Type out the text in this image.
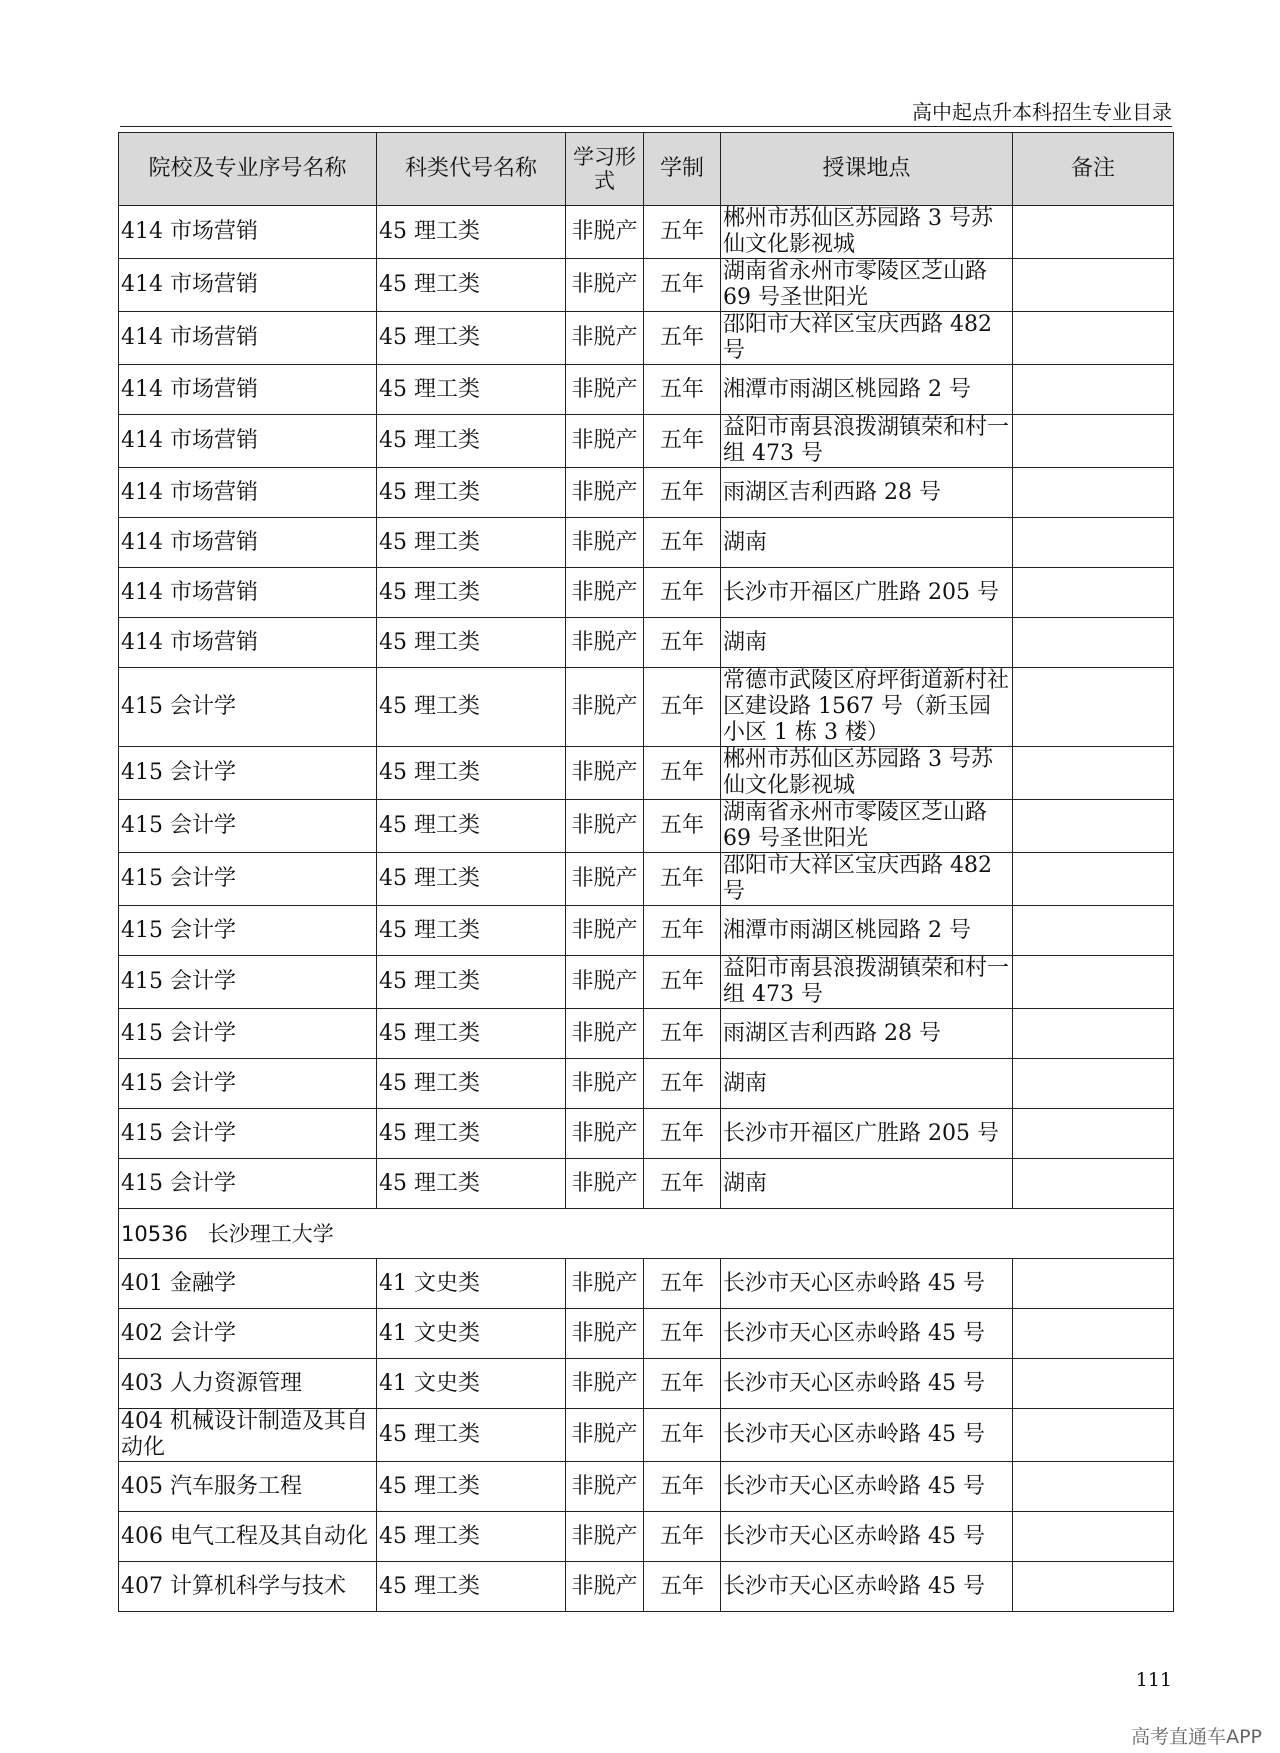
高中起点升本科招生专业目录
院校及专业序号名称	科类代号名称	学习形式	学制	授课地点	备注
414 市场营销	45 理工类	非脱产	五年	郴州市苏仙区苏园路 3 号苏仙文化影视城	
414 市场营销	45 理工类	非脱产	五年	湖南省永州市零陵区芝山路 69 号圣世阳光	
414 市场营销	45 理工类	非脱产	五年	邵阳市大祥区宝庆西路 482 号	
414 市场营销	45 理工类	非脱产	五年	湘潭市雨湖区桃园路 2 号	
414 市场营销	45 理工类	非脱产	五年	益阳市南县浪拨湖镇荣和村一组 473 号	
414 市场营销	45 理工类	非脱产	五年	雨湖区吉利西路 28 号	
414 市场营销	45 理工类	非脱产	五年	湖南	
414 市场营销	45 理工类	非脱产	五年	长沙市开福区广胜路 205 号	
414 市场营销	45 理工类	非脱产	五年	湖南	
415 会计学	45 理工类	非脱产	五年	常德市武陵区府坪街道新村社区建设路 1567 号（新玉园小区 1 栋 3 楼）	
415 会计学	45 理工类	非脱产	五年	郴州市苏仙区苏园路 3 号苏仙文化影视城	
415 会计学	45 理工类	非脱产	五年	湖南省永州市零陵区芝山路 69 号圣世阳光	
415 会计学	45 理工类	非脱产	五年	邵阳市大祥区宝庆西路 482 号	
415 会计学	45 理工类	非脱产	五年	湘潭市雨湖区桃园路 2 号	
415 会计学	45 理工类	非脱产	五年	益阳市南县浪拨湖镇荣和村一组 473 号	
415 会计学	45 理工类	非脱产	五年	雨湖区吉利西路 28 号	
415 会计学	45 理工类	非脱产	五年	湖南	
415 会计学	45 理工类	非脱产	五年	长沙市开福区广胜路 205 号	
415 会计学	45 理工类	非脱产	五年	湖南	
10536 长沙理工大学					
401 金融学	41 文史类	非脱产	五年	长沙市天心区赤岭路 45 号	
402 会计学	41 文史类	非脱产	五年	长沙市天心区赤岭路 45 号	
403 人力资源管理	41 文史类	非脱产	五年	长沙市天心区赤岭路 45 号	
404 机械设计制造及其自动化	45 理工类	非脱产	五年	长沙市天心区赤岭路 45 号	
405 汽车服务工程	45 理工类	非脱产	五年	长沙市天心区赤岭路 45 号	
406 电气工程及其自动化	45 理工类	非脱产	五年	长沙市天心区赤岭路 45 号	
407 计算机科学与技术	45 理工类	非脱产	五年	长沙市天心区赤岭路 45 号	
111
高考直通车APP
